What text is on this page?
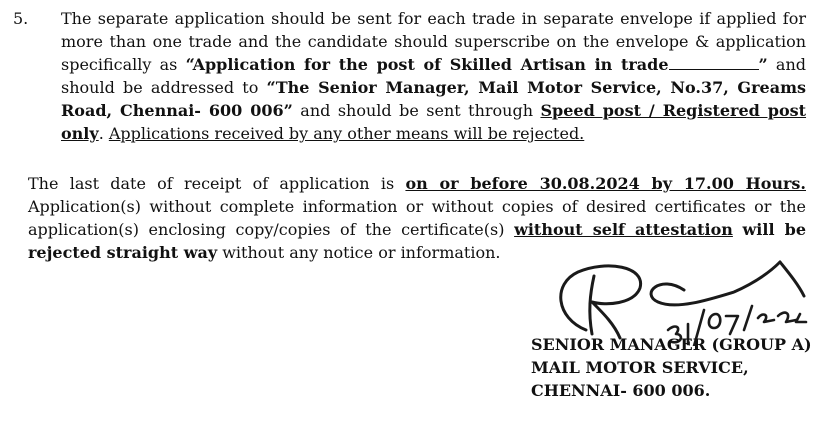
5. The separate application should be sent for each trade in separate envelope if applied for more than one trade and the candidate should superscribe on the envelope & application specifically as “Application for the post of Skilled Artisan in trade	” and should be addressed to “The Senior Manager, Mail Motor Service, No.37, Greams Road, Chennai- 600 006” and should be sent through Speed post / Registered post only. Applications received by any other means will be rejected.

The last date of receipt of application is on or before 30.08.2024 by 17.00 Hours. Application(s) without complete information or without copies of desired certificates or the application(s) enclosing copy/copies of the certificate(s) without self attestation will be rejected straight way without any notice or information.

SENIOR MANAGER (GROUP A)
MAIL MOTOR SERVICE,
CHENNAI- 600 006.
